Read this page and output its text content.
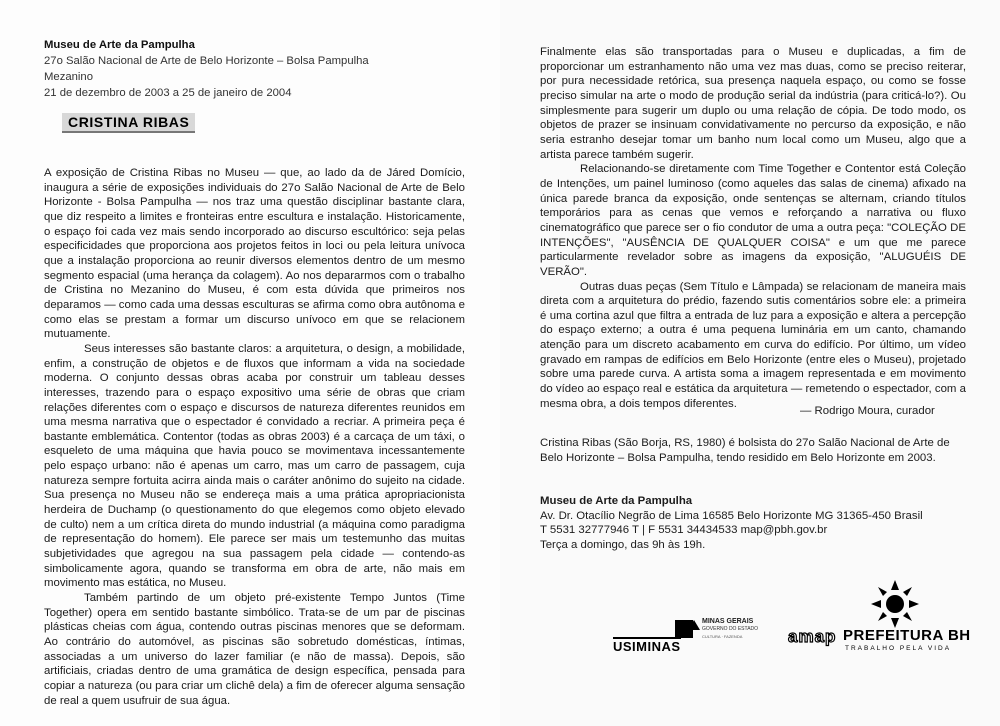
Museu de Arte da Pampulha
27o Salão Nacional de Arte de Belo Horizonte – Bolsa Pampulha
Mezanino
21 de dezembro de 2003 a 25 de janeiro de 2004
CRISTINA RIBAS

A exposição de Cristina Ribas no Museu — que, ao lado da de Járed Domício, inaugura a série de exposições individuais do 27o Salão Nacional de Arte de Belo Horizonte - Bolsa Pampulha — nos traz uma questão disciplinar bastante clara, que diz respeito a limites e fronteiras entre escultura e instalação. Historicamente, o espaço foi cada vez mais sendo incorporado ao discurso escultórico: seja pelas especificidades que proporciona aos projetos feitos in loci ou pela leitura unívoca que a instalação proporciona ao reunir diversos elementos dentro de um mesmo segmento espacial (uma herança da colagem). Ao nos depararmos com o trabalho de Cristina no Mezanino do Museu, é com esta dúvida que primeiros nos deparamos — como cada uma dessas esculturas se afirma como obra autônoma e como elas se prestam a formar um discurso unívoco em que se relacionem mutuamente.

Seus interesses são bastante claros: a arquitetura, o design, a mobilidade, enfim, a construção de objetos e de fluxos que informam a vida na sociedade moderna. O conjunto dessas obras acaba por construir um tableau desses interesses, trazendo para o espaço expositivo uma série de obras que criam relações diferentes com o espaço e discursos de natureza diferentes reunidos em uma mesma narrativa que o espectador é convidado a recriar. A primeira peça é bastante emblemática. Contentor (todas as obras 2003) é a carcaça de um táxi, o esqueleto de uma máquina que havia pouco se movimentava incessantemente pelo espaço urbano: não é apenas um carro, mas um carro de passagem, cuja natureza sempre fortuita acirra ainda mais o caráter anônimo do sujeito na cidade. Sua presença no Museu não se endereça mais a uma prática apropriacionista herdeira de Duchamp (o questionamento do que elegemos como objeto elevado de culto) nem a um crítica direta do mundo industrial (a máquina como paradigma de representação do homem). Ele parece ser mais um testemunho das muitas subjetividades que agregou na sua passagem pela cidade — contendo-as simbolicamente agora, quando se transforma em obra de arte, não mais em movimento mas estática, no Museu.

Também partindo de um objeto pré-existente Tempo Juntos (Time Together) opera em sentido bastante simbólico. Trata-se de um par de piscinas plásticas cheias com água, contendo outras piscinas menores que se deformam. Ao contrário do automóvel, as piscinas são sobretudo domésticas, íntimas, associadas a um universo do lazer familiar (e não de massa). Depois, são artificiais, criadas dentro de uma gramática de design específica, pensada para copiar a natureza (ou para criar um clichê dela) a fim de oferecer alguma sensação de real a quem usufruir de sua água.

Finalmente elas são transportadas para o Museu e duplicadas, a fim de proporcionar um estranhamento não uma vez mas duas, como se preciso reiterar, por pura necessidade retórica, sua presença naquela espaço, ou como se fosse preciso simular na arte o modo de produção serial da indústria (para criticá-lo?). Ou simplesmente para sugerir um duplo ou uma relação de cópia. De todo modo, os objetos de prazer se insinuam convidativamente no percurso da exposição, e não seria estranho desejar tomar um banho num local como um Museu, algo que a artista parece também sugerir.

Relacionando-se diretamente com Time Together e Contentor está Coleção de Intenções, um painel luminoso (como aqueles das salas de cinema) afixado na única parede branca da exposição, onde sentenças se alternam, criando títulos temporários para as cenas que vemos e reforçando a narrativa ou fluxo cinematográfico que parece ser o fio condutor de uma a outra peça: "COLEÇÃO DE INTENÇÕES", "AUSÊNCIA DE QUALQUER COISA" e um que me parece particularmente revelador sobre as imagens da exposição, "ALUGUÉIS DE VERÃO".

Outras duas peças (Sem Título e Lâmpada) se relacionam de maneira mais direta com a arquitetura do prédio, fazendo sutis comentários sobre ele: a primeira é uma cortina azul que filtra a entrada de luz para a exposição e altera a percepção do espaço externo; a outra é uma pequena luminária em um canto, chamando atenção para um discreto acabamento em curva do edifício. Por último, um vídeo gravado em rampas de edifícios em Belo Horizonte (entre eles o Museu), projetado sobre uma parede curva. A artista soma a imagem representada e em movimento do vídeo ao espaço real e estática da arquitetura — remetendo o espectador, com a mesma obra, a dois tempos diferentes.

— Rodrigo Moura, curador
Cristina Ribas (São Borja, RS, 1980) é bolsista do 27o Salão Nacional de Arte de Belo Horizonte – Bolsa Pampulha, tendo residido em Belo Horizonte em 2003.
Museu de Arte da Pampulha
Av. Dr. Otacílio Negrão de Lima 16585 Belo Horizonte MG 31365-450 Brasil
T 5531 32777946 T | F 5531 34434533 map@pbh.gov.br
Terça a domingo, das 9h às 19h.
USIMINAS
MINAS GERAIS
GOVERNO DO ESTADO
CULTURA · FAZENDA	amap PREFEITURA BH
TRABALHO PELA VIDA
